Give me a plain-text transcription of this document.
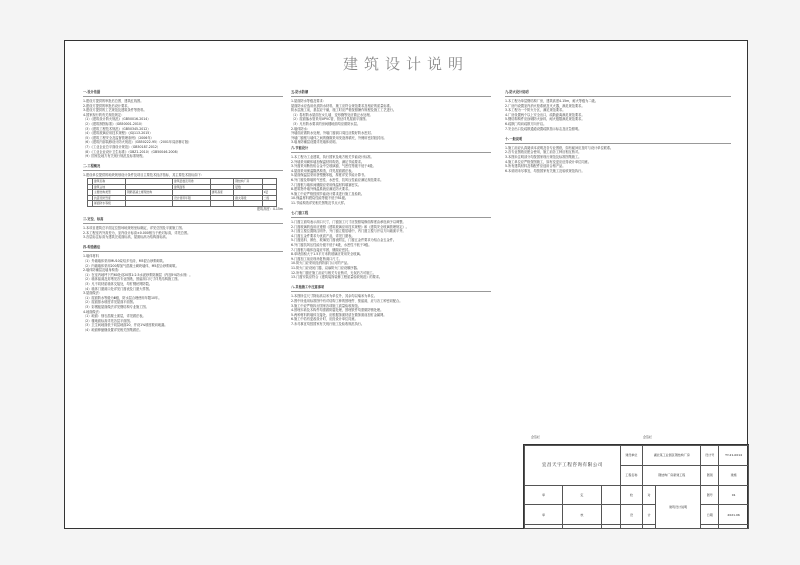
建筑设计说明
一.设计依据
1.建设方提供的审批后总图、建筑红线图。
2.建设方提供的审批后设计要求。
3.建设方提供的工艺规范及建筑条件等资料。
4.国家现行的有关规范规定：
（1）《建筑设计防火规范》（GB50016-2014）
（2）《建筑制图标准》（GB50001-2010）
（3）《建筑工程技术规范》（GB50345-2012）
（4）《建筑玻璃应用技术规程》（JGJ113-2015）
（5）《建筑工程安全及监督管理条例》（2006年）
（6）《建筑内部装修设计防火规范》（GB50222-95）（2001年局部修订版）
（7）《工业企业总平面设计规范》（GB50187-2012）
（8）《工业企业设计卫生标准》（GBZ1-2010）（GB50046-2008）
（9）国家及地方有关现行规范及标准规程。
二.工程概况
1.建设单位提供的地块规划设计条件及项目主要技术经济指标，其主要技术指标如下：
	建筑名称		建筑层数及用途		钢结构厂房	
	建筑占地		建筑面积		层数	
	主要结构类型	钢筋混凝土框架结构		建筑高度		1层
	抗震设防烈度		设计使用年限		耐火等级	二级
	屋面防水等级					
建筑高度：4.15m
三.定位、标高
1.本项目建筑总平面定位按场地规划坐标确定，详见总图及平面施工图。
2.本工程室内外高差为，室内设计标高±0.000相当于绝对标高，详见总图。
3.各层标注标高为建筑完成面标高，屋面标高为结构面标高。
四.构造做法
1.墙体材料
（1）外墙墙体采用MU10烧结多孔砖，M5混合砂浆砌筑。
（2）内墙墙体采用200厚加气混凝土砌块墙体，M5混合砂浆砌筑。
2.墙体防潮层及墙身构造：
（1）在室内地坪下约60处设20厚1:2.5水泥砂浆防潮层（内加5%防水剂）。
（2）墙体留洞及封堵见各专业图纸，预留洞口尺寸详见结构施工图。
（3）凡不同材质墙体交接处，均钉钢丝网防裂。
（4）墙体门窗洞口处详见门窗表及门窗大样图。
3.屋面做法：
（1）屋面防水等级为Ⅲ级，防水层合理使用年限10年。
（2）屋面排水坡度详见屋面平面图。
（3）彩钢板屋面做法详见钢结构专业施工图。
4.地面做法：
（1）地面：细石混凝土面层，详见做法表。
（2）楼地面标高详见各层平面图。
（3）卫生间地面低于同层地面20，并设1%坡度坡向地漏。
（4）地面伸缩缝设置详见相关图集做法。
五.防水防潮
1.屋面防水等级及要求：
屋面防水应选用优质防水材料，施工应符合规范要求及相应的质量标准。
防水层施工前，基层应干燥，施工时应严格按照操作规程及施工工艺进行。
（1）卷材防水屋面在女儿墙、变形缝等处应做泛水处理。
（2）屋面落水管采用UPVC管，管径详见屋面平面图。
（3）凡有防水要求的房间楼地面均应做防水层。
2.墙体防水：
外墙面应做防水处理，外墙门窗洞口周边应做好防水密封。
外墙门窗框与墙体之间的缝隙采用发泡剂填充，外侧用密封胶封闭。
3.墙身防潮层设置详见墙体说明。
六.节能设计
1.本工程为工业建筑，执行国家及地方相关节能设计标准。
2.外墙采用砌体墙加保温材料构造，满足节能要求。
3.外窗采用断热铝合金中空玻璃窗，气密性等级不低于4级。
4.屋面采用保温隔热构造，详见屋面做法表。
5.屋面保温层采用挤塑聚苯板，厚度详见节能计算书。
6.外门窗及幕墙的气密性、水密性、抗风压性能应满足规范要求。
7.门窗框与墙体间缝隙应采用保温材料填塞密实。
8.建筑物外墙外保温系统应满足防火要求。
9.施工中应严格按照节能设计要求进行施工及验收。
10.保温材料燃烧性能等级不低于B1级。
11.节能构造详见相关图集及节点大样。
七.门窗工程
1.门窗立面均表示洞口尺寸，门窗加工尺寸应按照装修面厚度由承包商予以调整。
2.门窗玻璃的选用应遵照《建筑玻璃应用技术规程》和《建筑安全玻璃管理规定》。
3.门窗立樘位置除注明外，外门窗立樘居墙中，内门窗立樘与开启方向墙面平齐。
4.门窗五金件要求为优质产品，详见门窗表。
5.门窗选料、颜色、玻璃见门窗表附注，门窗五金件要求为铝合金五金件。
6.外门窗抗风压性能分级不低于4级，水密性不低于3级。
7.门窗框与墙体连接应牢固，缝隙应密封。
8.单块面积大于1.5平方米的玻璃应采用安全玻璃。
9.门窗加工前应现场复核洞口尺寸。
10.防火门应采用经消防部门认可的产品。
11.防火门应设闭门器，双扇防火门应设顺序器。
12.所有门窗在施工前应与相关专业核对，无误后方可施工。
13.门窗安装应符合《建筑装饰装修工程质量验收规范》的要求。
八.其他施工中注意事项
1.本图所注尺寸除标高以米为单位外，其余均以毫米为单位。
2.图中所选用标准图中有对结构工种的预埋件、预留洞，应与各工种密切配合。
3.施工中应严格执行国家各项施工质量验收规范。
4.预埋木砖及木构件均需做防腐处理，预埋铁件均需做防锈处理。
5.两种材料的墙体交接处，应根据饰面材质在做饰面前加钉金属网。
6.施工中若有更改设计时，应经设计单位同意。
7.未尽事宜均按国家有关现行施工及验收规范执行。
九.防火设计说明
1.本工程为单层钢结构厂房，建筑高度4.15m，耐火等级为二级。
2.厂房内设置室内消火栓系统及灭火器，满足规范要求。
3.本工程为一个防火分区，满足规范要求。
4.厂房设置两个以上安全出口，疏散距离满足规范要求。
5.钢结构构件应涂刷防火涂料，耐火极限满足规范要求。
6.疏散门均向疏散方向开启。
7.安全出口及疏散通道设置疏散指示标志及应急照明。
十.一般说明
1.施工前应认真阅读本说明及各专业图纸，如有疑问应及时与设计单位联系。
2.各专业图纸应配合使用，施工前各工种应相互核对。
3.本图未注明部分均按国家现行规范及标准图集施工。
4.施工单位应严格按图施工，如有变更应征得设计单位同意。
5.所有建筑材料及构配件应选用合格产品。
6.本说明未尽事宜，均按国家有关施工及验收规范执行。
会签栏	会签栏
宜昌天宇工程咨询有限公司			建设单位	湖北某工业园区钢结构厂房		设计号	TY-21-0014
			工程名称	钢结构厂房新建工程		图别	建施
审	定		校	对	建筑设计说明	图号	01
审	核		设	计		日期	2021.06
